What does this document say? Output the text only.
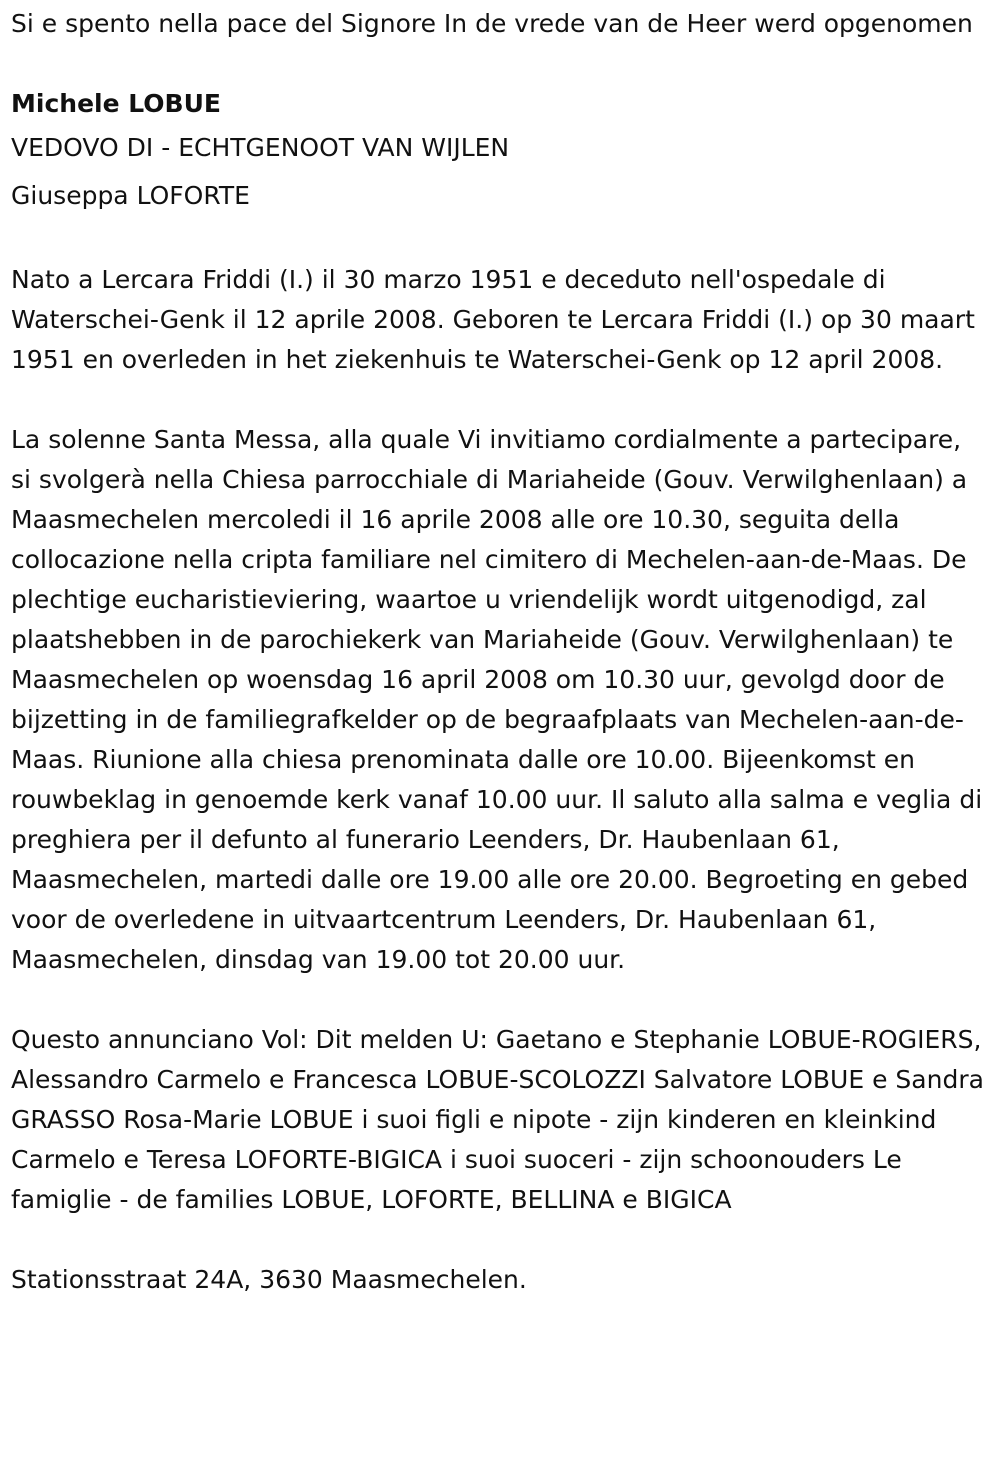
Si e spento nella pace del Signore In de vrede van de Heer werd opgenomen

Michele LOBUE

VEDOVO DI - ECHTGENOOT VAN WIJLEN

Giuseppa LOFORTE

Nato a Lercara Friddi (I.) il 30 marzo 1951 e deceduto nell'ospedale di Waterschei-Genk il 12 aprile 2008. Geboren te Lercara Friddi (I.) op 30 maart 1951 en overleden in het ziekenhuis te Waterschei-Genk op 12 april 2008.

La solenne Santa Messa, alla quale Vi invitiamo cordialmente a partecipare, si svolgerà nella Chiesa parrocchiale di Mariaheide (Gouv. Verwilghenlaan) a Maasmechelen mercoledi il 16 aprile 2008 alle ore 10.30, seguita della collocazione nella cripta familiare nel cimitero di Mechelen-aan-de-Maas. De plechtige eucharistieviering, waartoe u vriendelijk wordt uitgenodigd, zal plaatshebben in de parochiekerk van Mariaheide (Gouv. Verwilghenlaan) te Maasmechelen op woensdag 16 april 2008 om 10.30 uur, gevolgd door de bijzetting in de familiegrafkelder op de begraafplaats van Mechelen-aan-de-Maas. Riunione alla chiesa prenominata dalle ore 10.00. Bijeenkomst en rouwbeklag in genoemde kerk vanaf 10.00 uur. Il saluto alla salma e veglia di preghiera per il defunto al funerario Leenders, Dr. Haubenlaan 61, Maasmechelen, martedi dalle ore 19.00 alle ore 20.00. Begroeting en gebed voor de overledene in uitvaartcentrum Leenders, Dr. Haubenlaan 61, Maasmechelen, dinsdag van 19.00 tot 20.00 uur.

Questo annunciano Vol: Dit melden U: Gaetano e Stephanie LOBUE-ROGIERS, Alessandro Carmelo e Francesca LOBUE-SCOLOZZI Salvatore LOBUE e Sandra GRASSO Rosa-Marie LOBUE i suoi figli e nipote - zijn kinderen en kleinkind Carmelo e Teresa LOFORTE-BIGICA i suoi suoceri - zijn schoonouders Le famiglie - de families LOBUE, LOFORTE, BELLINA e BIGICA

Stationsstraat 24A, 3630 Maasmechelen.
